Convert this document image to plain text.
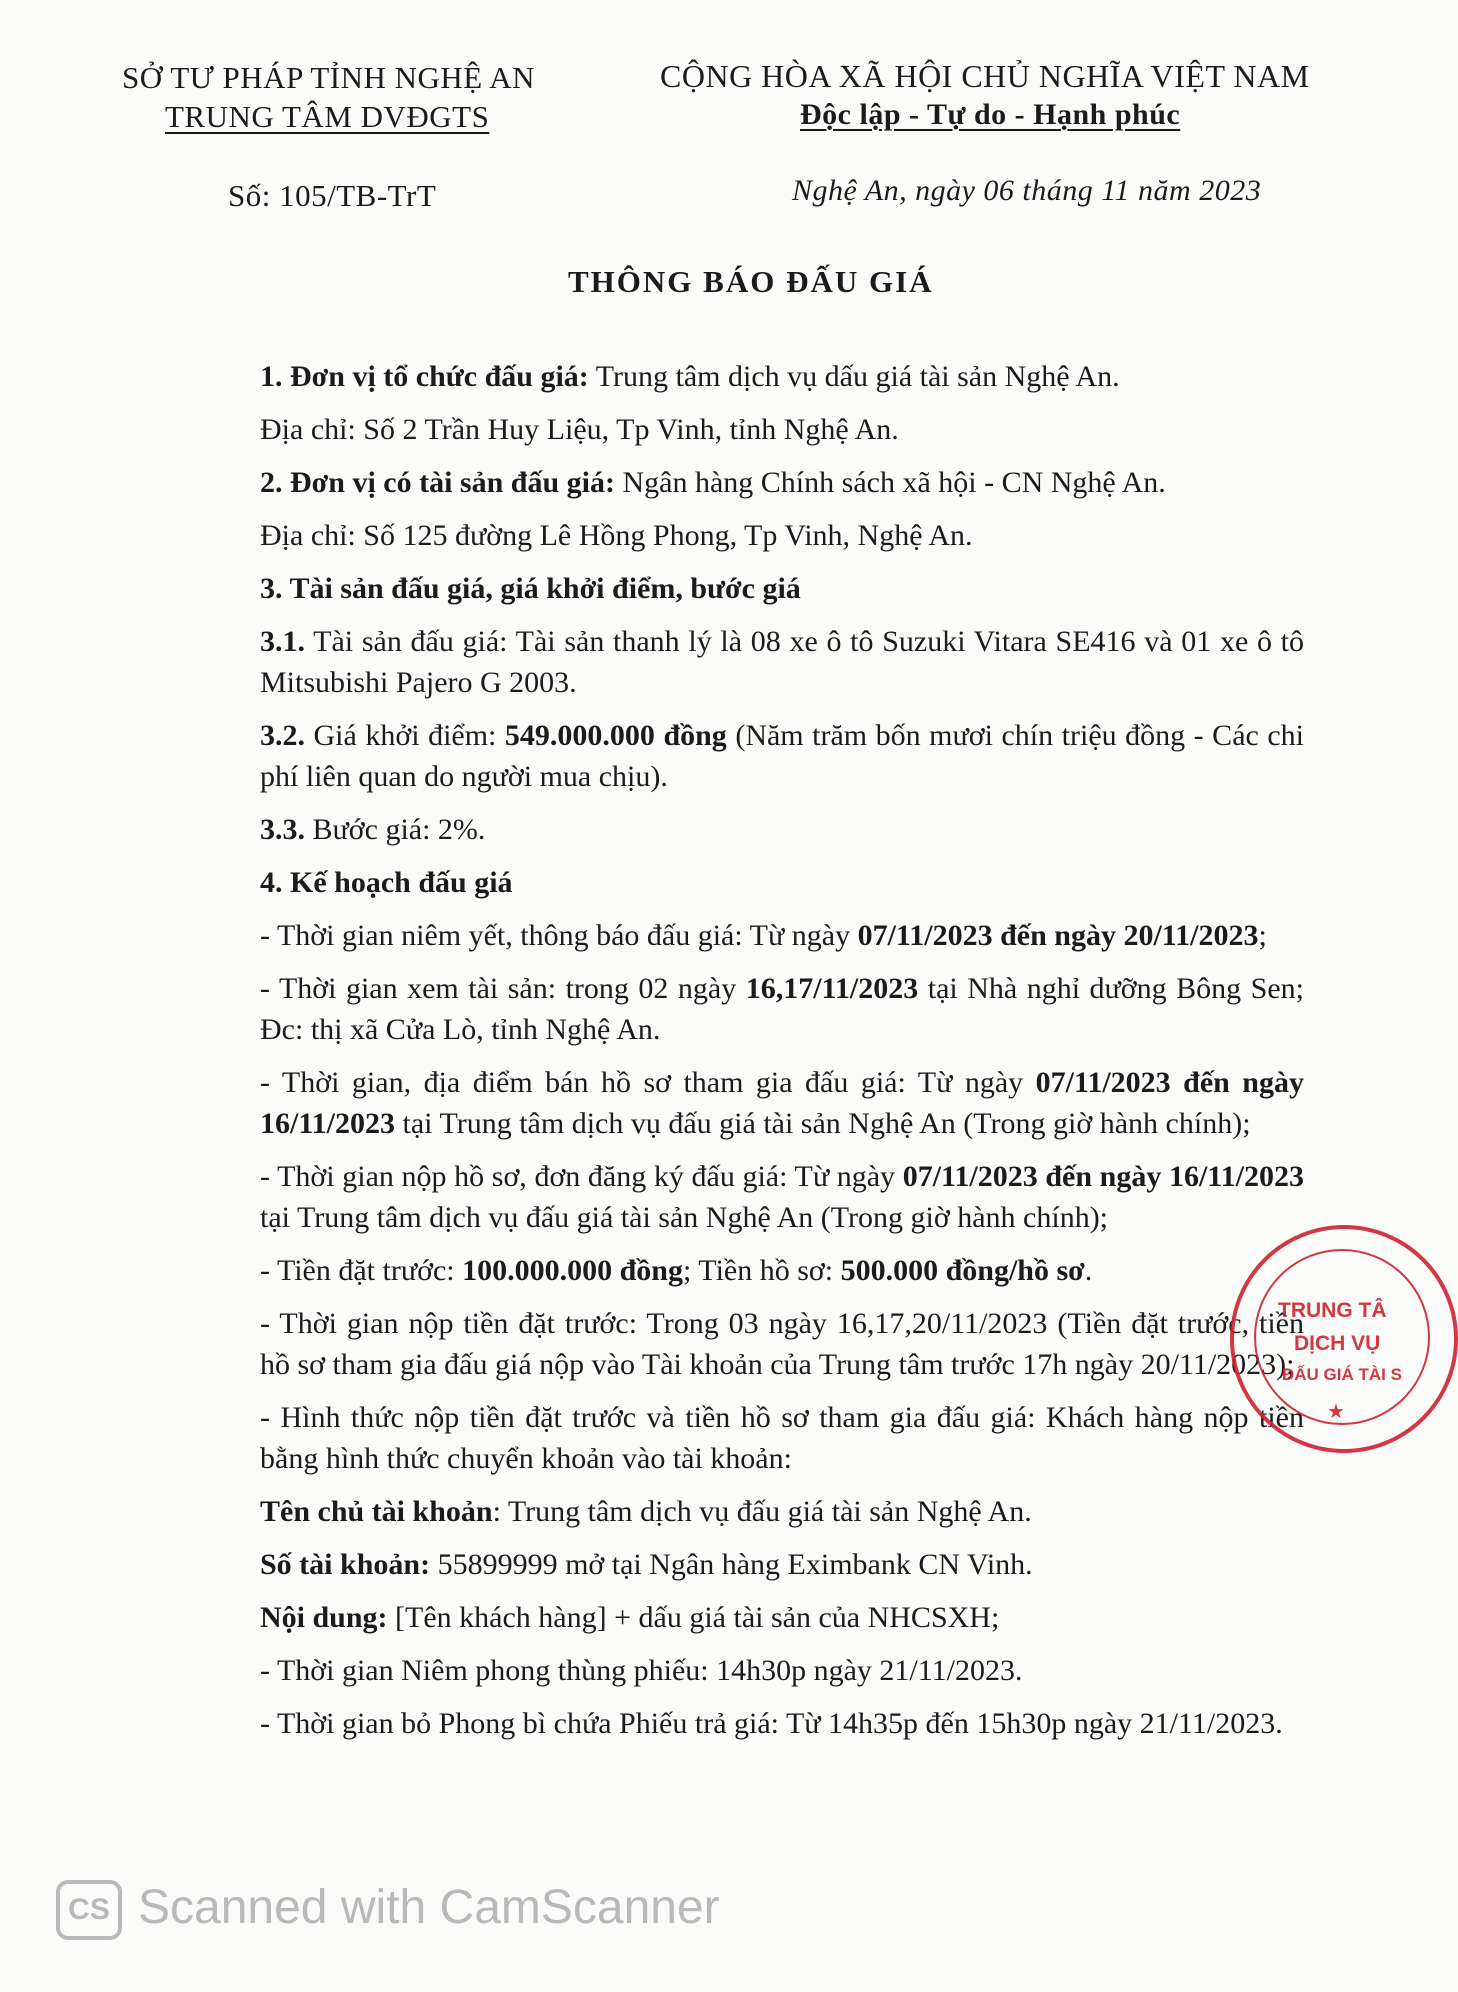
SỞ TƯ PHÁP TỈNH NGHỆ AN
TRUNG TÂM DVĐGTS
Số: 105/TB-TrT
CỘNG HÒA XÃ HỘI CHỦ NGHĨA VIỆT NAM
Độc lập - Tự do - Hạnh phúc
Nghệ An, ngày 06 tháng 11 năm 2023
THÔNG BÁO ĐẤU GIÁ

1. Đơn vị tổ chức đấu giá: Trung tâm dịch vụ dấu giá tài sản Nghệ An.

Địa chỉ: Số 2 Trần Huy Liệu, Tp Vinh, tỉnh Nghệ An.

2. Đơn vị có tài sản đấu giá: Ngân hàng Chính sách xã hội - CN Nghệ An.

Địa chỉ: Số 125 đường Lê Hồng Phong, Tp Vinh, Nghệ An.

3. Tài sản đấu giá, giá khởi điểm, bước giá

3.1. Tài sản đấu giá: Tài sản thanh lý là 08 xe ô tô Suzuki Vitara SE416 và 01 xe ô tô Mitsubishi Pajero G 2003.

3.2. Giá khởi điểm: 549.000.000 đồng (Năm trăm bốn mươi chín triệu đồng - Các chi phí liên quan do người mua chịu).

3.3. Bước giá: 2%.

4. Kế hoạch đấu giá

- Thời gian niêm yết, thông báo đấu giá: Từ ngày 07/11/2023 đến ngày 20/11/2023;

- Thời gian xem tài sản: trong 02 ngày 16,17/11/2023 tại Nhà nghỉ dưỡng Bông Sen; Đc: thị xã Cửa Lò, tỉnh Nghệ An.

- Thời gian, địa điểm bán hồ sơ tham gia đấu giá: Từ ngày 07/11/2023 đến ngày 16/11/2023 tại Trung tâm dịch vụ đấu giá tài sản Nghệ An (Trong giờ hành chính);

- Thời gian nộp hồ sơ, đơn đăng ký đấu giá: Từ ngày 07/11/2023 đến ngày 16/11/2023 tại Trung tâm dịch vụ đấu giá tài sản Nghệ An (Trong giờ hành chính);

- Tiền đặt trước: 100.000.000 đồng; Tiền hồ sơ: 500.000 đồng/hồ sơ.

- Thời gian nộp tiền đặt trước: Trong 03 ngày 16,17,20/11/2023 (Tiền đặt trước, tiền hồ sơ tham gia đấu giá nộp vào Tài khoản của Trung tâm trước 17h ngày 20/11/2023);

- Hình thức nộp tiền đặt trước và tiền hồ sơ tham gia đấu giá: Khách hàng nộp tiền bằng hình thức chuyển khoản vào tài khoản:

Tên chủ tài khoản: Trung tâm dịch vụ đấu giá tài sản Nghệ An.

Số tài khoản: 55899999 mở tại Ngân hàng Eximbank CN Vinh.

Nội dung: [Tên khách hàng] + dấu giá tài sản của NHCSXH;

- Thời gian Niêm phong thùng phiếu: 14h30p ngày 21/11/2023.

- Thời gian bỏ Phong bì chứa Phiếu trả giá: Từ 14h35p đến 15h30p ngày 21/11/2023.

TRUNG TÂ
DỊCH VỤ
ĐẤU GIÁ TÀI S
★
CS Scanned with CamScanner
